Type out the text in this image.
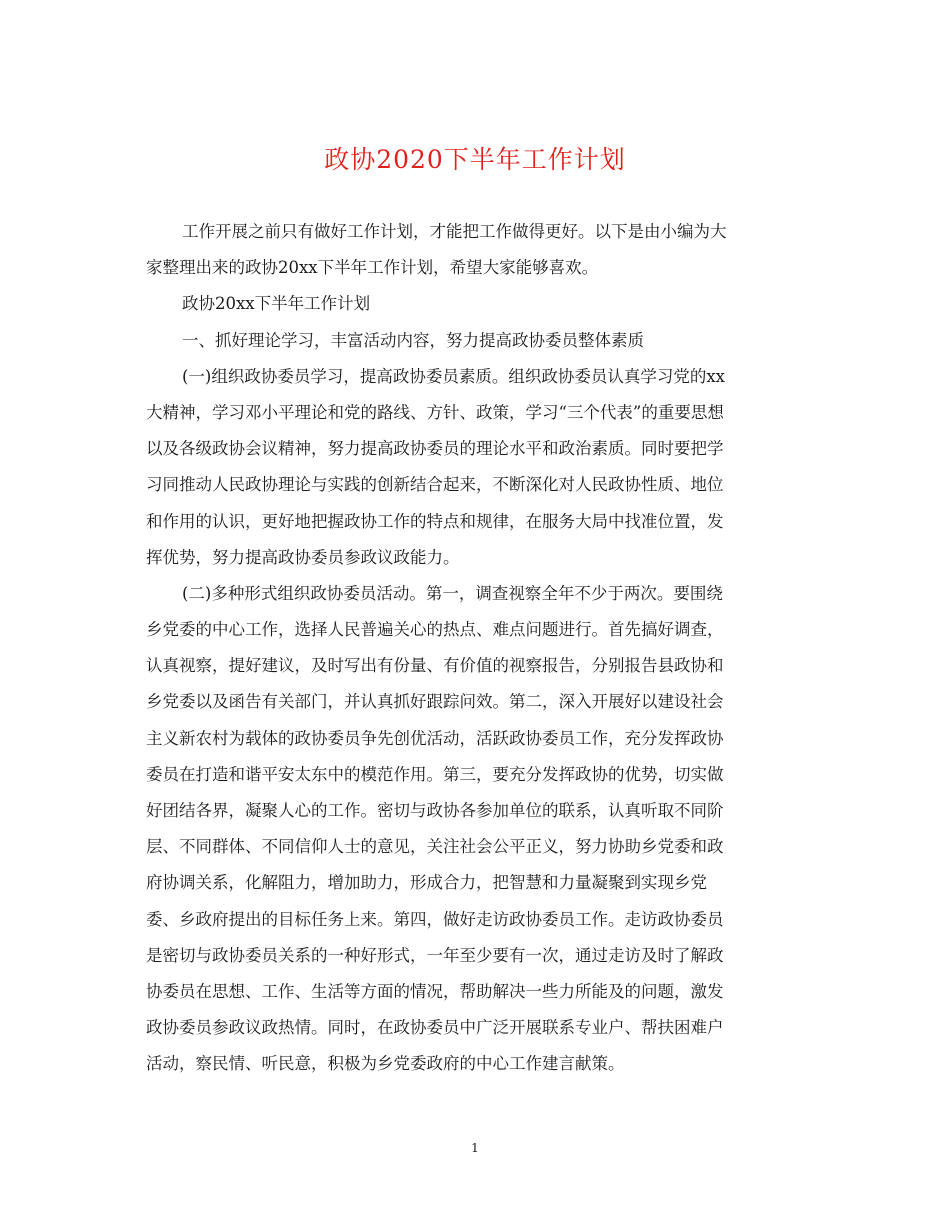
政协2020下半年工作计划
工作开展之前只有做好工作计划，才能把工作做得更好。以下是由小编为大
家整理出来的政协20xx下半年工作计划，希望大家能够喜欢。
政协20xx下半年工作计划
一、抓好理论学习，丰富活动内容，努力提高政协委员整体素质
(一)组织政协委员学习，提高政协委员素质。组织政协委员认真学习党的xx
大精神，学习邓小平理论和党的路线、方针、政策，学习“三个代表”的重要思想
以及各级政协会议精神，努力提高政协委员的理论水平和政治素质。同时要把学
习同推动人民政协理论与实践的创新结合起来，不断深化对人民政协性质、地位
和作用的认识，更好地把握政协工作的特点和规律，在服务大局中找准位置，发
挥优势，努力提高政协委员参政议政能力。
(二)多种形式组织政协委员活动。第一，调查视察全年不少于两次。要围绕
乡党委的中心工作，选择人民普遍关心的热点、难点问题进行。首先搞好调查，
认真视察，提好建议，及时写出有份量、有价值的视察报告，分别报告县政协和
乡党委以及函告有关部门，并认真抓好跟踪问效。第二，深入开展好以建设社会
主义新农村为载体的政协委员争先创优活动，活跃政协委员工作，充分发挥政协
委员在打造和谐平安太东中的模范作用。第三，要充分发挥政协的优势，切实做
好团结各界，凝聚人心的工作。密切与政协各参加单位的联系，认真听取不同阶
层、不同群体、不同信仰人士的意见，关注社会公平正义，努力协助乡党委和政
府协调关系，化解阻力，增加助力，形成合力，把智慧和力量凝聚到实现乡党
委、乡政府提出的目标任务上来。第四，做好走访政协委员工作。走访政协委员
是密切与政协委员关系的一种好形式，一年至少要有一次，通过走访及时了解政
协委员在思想、工作、生活等方面的情况，帮助解决一些力所能及的问题，激发
政协委员参政议政热情。同时，在政协委员中广泛开展联系专业户、帮扶困难户
活动，察民情、听民意，积极为乡党委政府的中心工作建言献策。
1
